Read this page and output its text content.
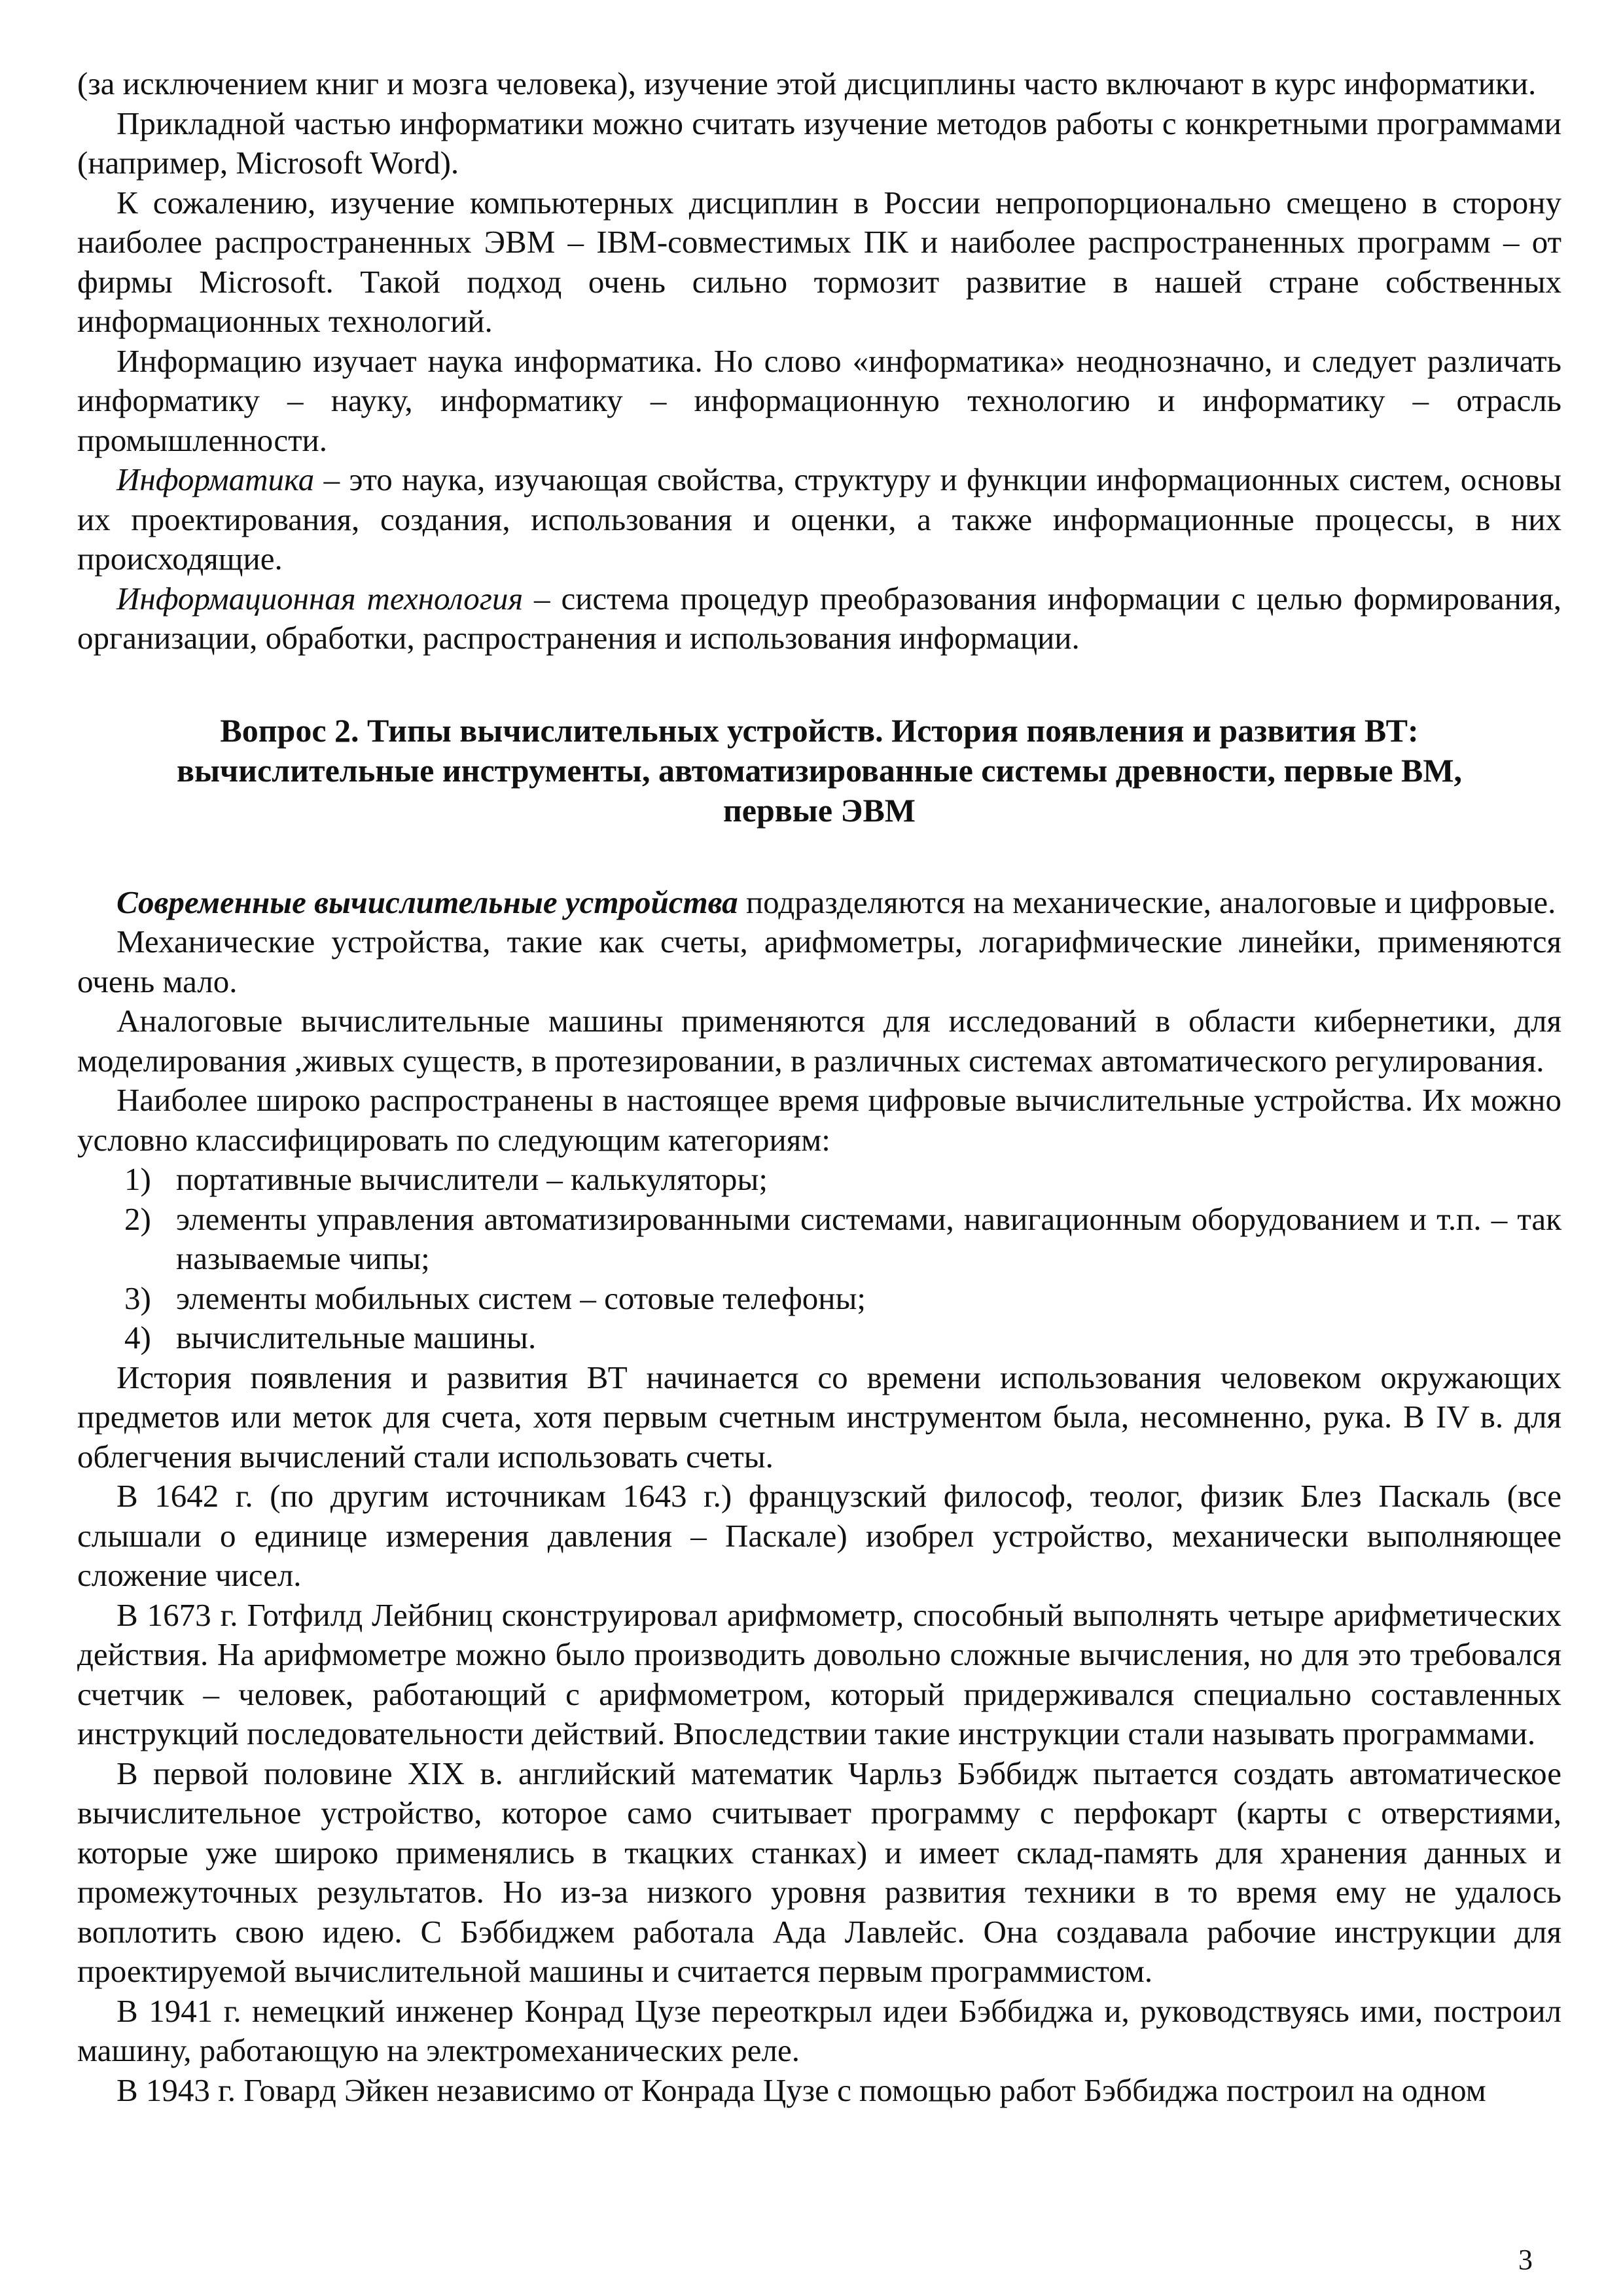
(за исключением книг и мозга человека), изучение этой дисциплины часто включают в курс информатики.

Прикладной частью информатики можно считать изучение методов работы с конкретными программами (например, Microsoft Word).

К сожалению, изучение компьютерных дисциплин в России непропорционально смещено в сторону наиболее распространенных ЭВМ – IBM-совместимых ПК и наиболее распространенных программ – от фирмы Microsoft. Такой подход очень сильно тормозит развитие в нашей стране собственных информационных технологий.

Информацию изучает наука информатика. Но слово «информатика» неоднозначно, и следует различать информатику – науку, информатику – информационную технологию и информатику – отрасль промышленности.

Информатика – это наука, изучающая свойства, структуру и функции информационных систем, основы их проектирования, создания, использования и оценки, а также информационные процессы, в них происходящие.

Информационная технология – система процедур преобразования информации с целью формирования, организации, обработки, распространения и использования информации.

Вопрос 2. Типы вычислительных устройств. История появления и развития ВТ:
вычислительные инструменты, автоматизированные системы древности, первые ВМ,
первые ЭВМ

Современные вычислительные устройства подразделяются на механические, аналоговые и цифровые.

Механические устройства, такие как счеты, арифмометры, логарифмические линейки, применяются очень мало.

Аналоговые вычислительные машины применяются для исследований в области кибернетики, для моделирования ,живых существ, в протезировании, в различных системах автоматического регулирования.

Наиболее широко распространены в настоящее время цифровые вычислительные устройства. Их можно условно классифицировать по следующим категориям:

1) портативные вычислители – калькуляторы;
2) элементы управления автоматизированными системами, навигационным оборудованием и т.п. – так называемые чипы;
3) элементы мобильных систем – сотовые телефоны;
4) вычислительные машины.

История появления и развития ВТ начинается со времени использования человеком окружающих предметов или меток для счета, хотя первым счетным инструментом была, несомненно, рука. В IV в. для облегчения вычислений стали использовать счеты.

В 1642 г. (по другим источникам 1643 г.) французский философ, теолог, физик Блез Паскаль (все слышали о единице измерения давления – Паскале) изобрел устройство, механически выполняющее сложение чисел.

В 1673 г. Готфилд Лейбниц сконструировал арифмометр, способный выполнять четыре арифметических действия. На арифмометре можно было производить довольно сложные вычисления, но для это требовался счетчик – человек, работающий с арифмометром, который придерживался специально составленных инструкций последовательности действий. Впоследствии такие инструкции стали называть программами.

В первой половине XIX в. английский математик Чарльз Бэббидж пытается создать автоматическое вычислительное устройство, которое само считывает программу с перфокарт (карты с отверстиями, которые уже широко применялись в ткацких станках) и имеет склад-память для хранения данных и промежуточных результатов. Но из-за низкого уровня развития техники в то время ему не удалось воплотить свою идею. С Бэббиджем работала Ада Лавлейс. Она создавала рабочие инструкции для проектируемой вычислительной машины и считается первым программистом.

В 1941 г. немецкий инженер Конрад Цузе переоткрыл идеи Бэббиджа и, руководствуясь ими, построил машину, работающую на электромеханических реле.

В 1943 г. Говард Эйкен независимо от Конрада Цузе с помощью работ Бэббиджа построил на одном

3
